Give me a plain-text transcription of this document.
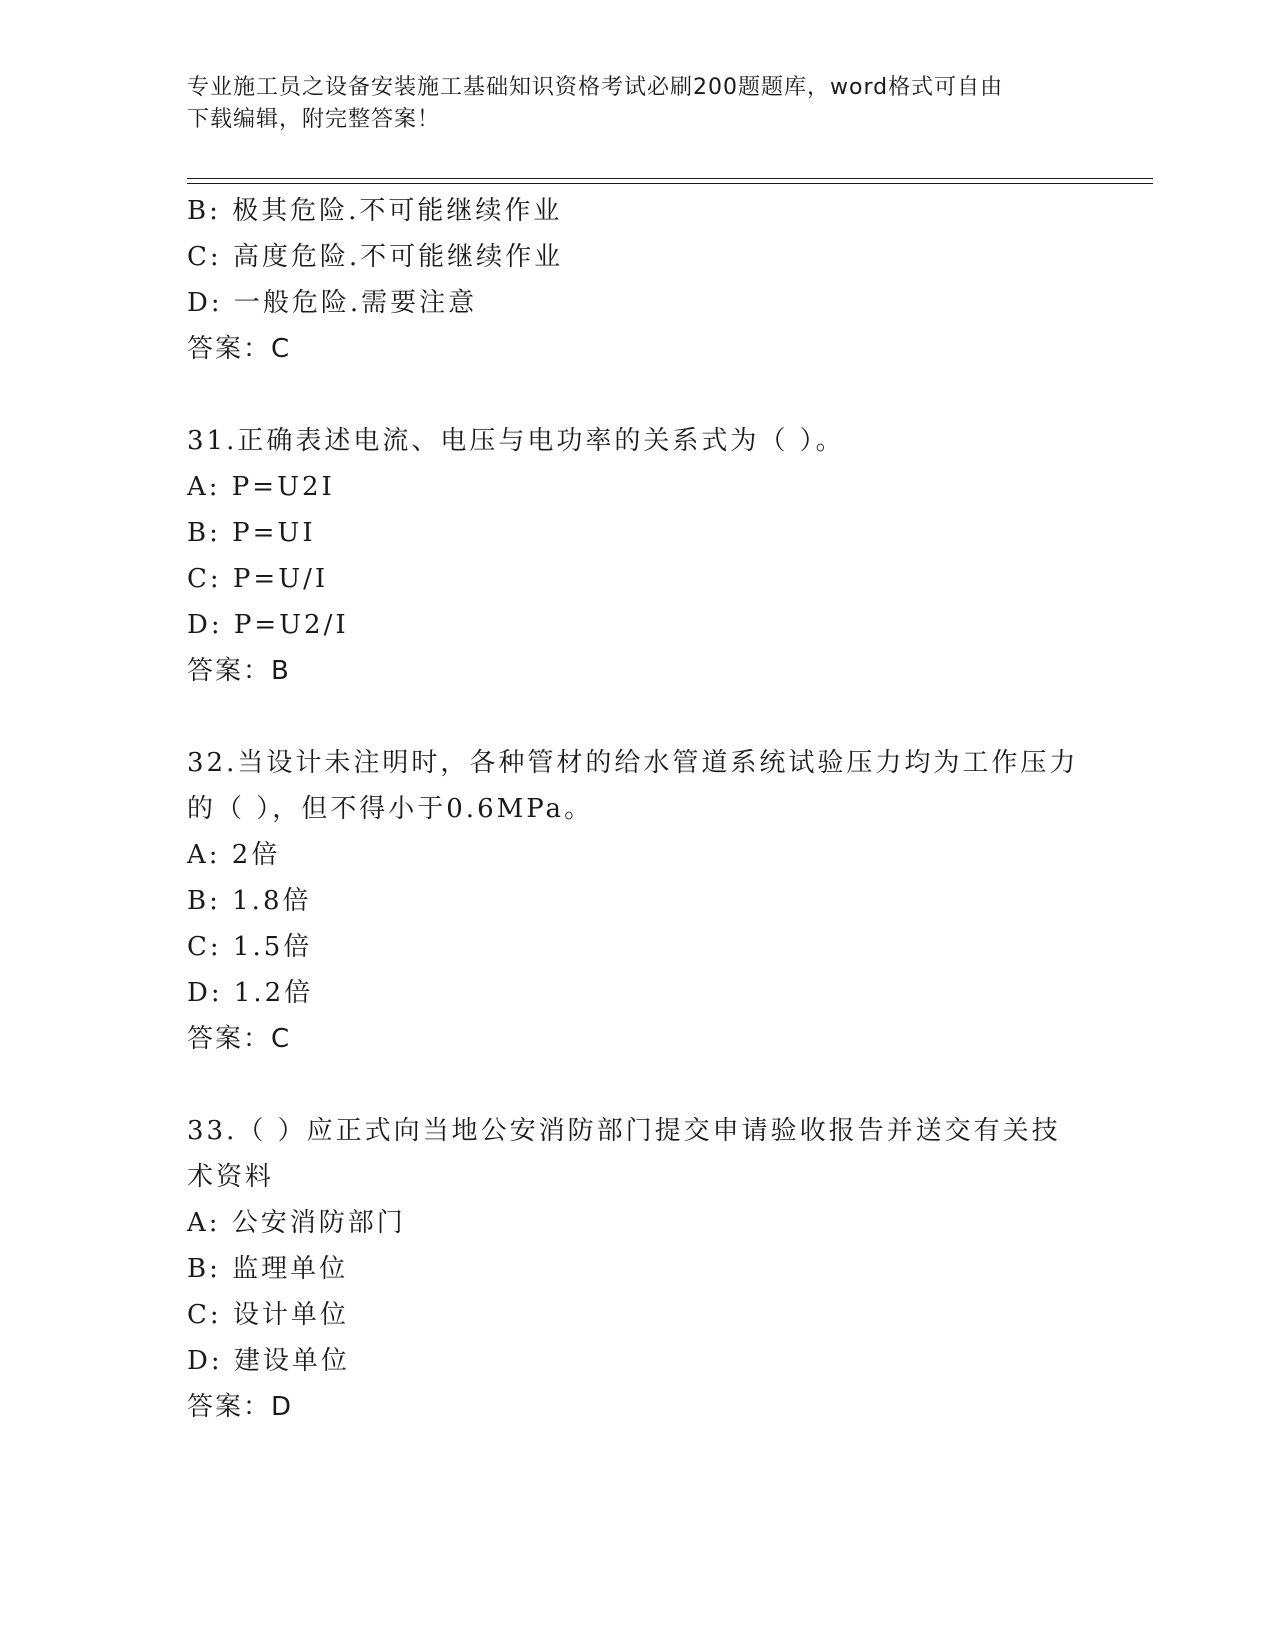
专业施工员之设备安装施工基础知识资格考试必刷200题题库，word格式可自由
下载编辑，附完整答案！
B: 极其危险.不可能继续作业
C: 高度危险.不可能继续作业
D: 一般危险.需要注意
答案：C
31.正确表述电流、电压与电功率的关系式为（ ）。
A: P=U2I
B: P=UI
C: P=U/I
D: P=U2/I
答案：B
32.当设计未注明时，各种管材的给水管道系统试验压力均为工作压力
的（ ），但不得小于0.6MPa。
A: 2倍
B: 1.8倍
C: 1.5倍
D: 1.2倍
答案：C
33.（ ）应正式向当地公安消防部门提交申请验收报告并送交有关技
术资料
A: 公安消防部门
B: 监理单位
C: 设计单位
D: 建设单位
答案：D
